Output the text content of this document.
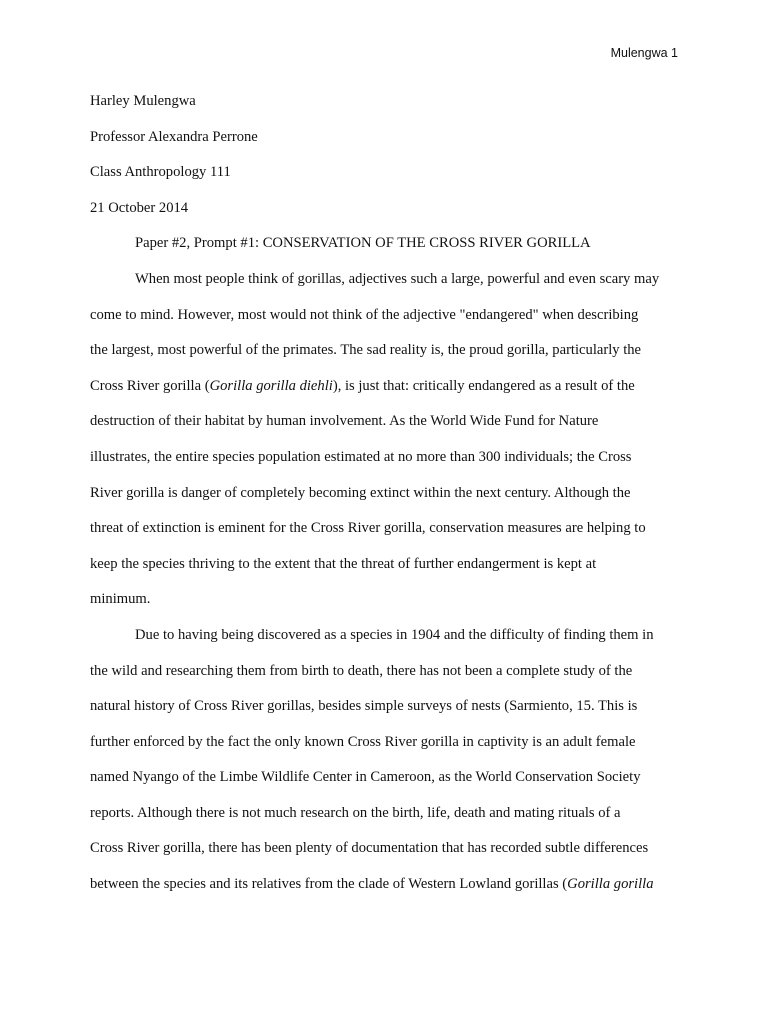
Mulengwa 1
Harley Mulengwa
Professor Alexandra Perrone
Class Anthropology 111
21 October 2014
Paper #2, Prompt #1: CONSERVATION OF THE CROSS RIVER GORILLA
When most people think of gorillas, adjectives such a large, powerful and even scary may
come to mind. However, most would not think of the adjective "endangered" when describing
the largest, most powerful of the primates. The sad reality is, the proud gorilla, particularly the
Cross River gorilla (Gorilla gorilla diehli), is just that: critically endangered as a result of the
destruction of their habitat by human involvement. As the World Wide Fund for Nature
illustrates, the entire species population estimated at no more than 300 individuals; the Cross
River gorilla is danger of completely becoming extinct within the next century. Although the
threat of extinction is eminent for the Cross River gorilla, conservation measures are helping to
keep the species thriving to the extent that the threat of further endangerment is kept at
minimum.
Due to having being discovered as a species in 1904 and the difficulty of finding them in
the wild and researching them from birth to death, there has not been a complete study of the
natural history of Cross River gorillas, besides simple surveys of nests (Sarmiento, 15. This is
further enforced by the fact the only known Cross River gorilla in captivity is an adult female
named Nyango of the Limbe Wildlife Center in Cameroon, as the World Conservation Society
reports. Although there is not much research on the birth, life, death and mating rituals of a
Cross River gorilla, there has been plenty of documentation that has recorded subtle differences
between the species and its relatives from the clade of Western Lowland gorillas (Gorilla gorilla
